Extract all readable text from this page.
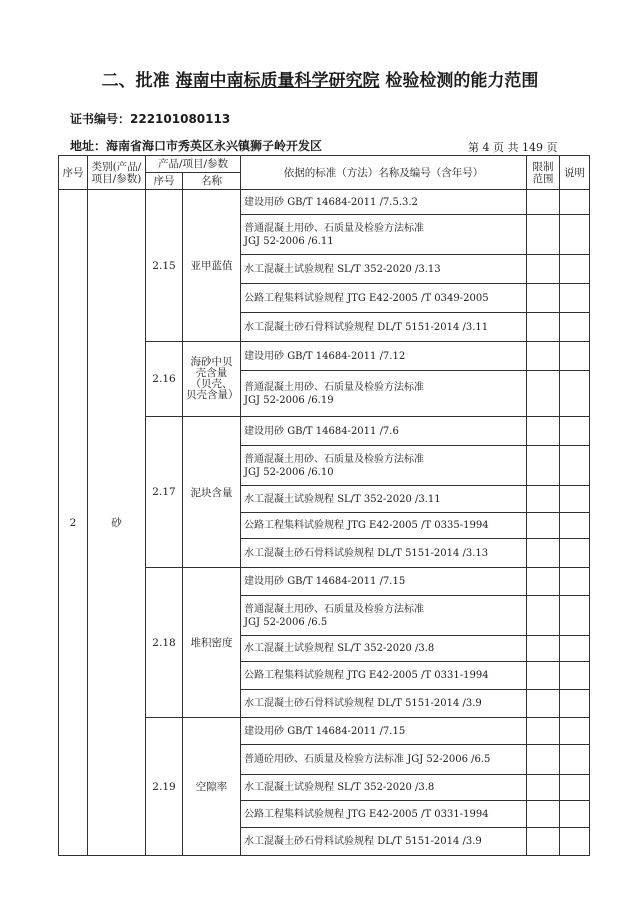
二、批准 海南中南标质量科学研究院 检验检测的能力范围
证书编号：222101080113
地址：海南省海口市秀英区永兴镇狮子岭开发区	第 4 页 共 149 页
序号	类别(产品/项目/参数)	产品/项目/参数		依据的标准（方法）名称及编号（含年号）	限制范围	说明
		序号	名称			
2	砂	2.15	亚甲蓝值	建设用砂 GB/T 14684-2011 /7.5.3.2		
				普通混凝土用砂、石质量及检验方法标准
JGJ 52-2006 /6.11		
				水工混凝土试验规程 SL/T 352-2020 /3.13		
				公路工程集料试验规程 JTG E42-2005 /T 0349-2005		
				水工混凝土砂石骨料试验规程 DL/T 5151-2014 /3.11		
		2.16	海砂中贝壳含量（贝壳、贝壳含量）	建设用砂 GB/T 14684-2011 /7.12		
				普通混凝土用砂、石质量及检验方法标准
JGJ 52-2006 /6.19		
		2.17	泥块含量	建设用砂 GB/T 14684-2011 /7.6		
				普通混凝土用砂、石质量及检验方法标准
JGJ 52-2006 /6.10		
				水工混凝土试验规程 SL/T 352-2020 /3.11		
				公路工程集料试验规程 JTG E42-2005 /T 0335-1994		
				水工混凝土砂石骨料试验规程 DL/T 5151-2014 /3.13		
		2.18	堆积密度	建设用砂 GB/T 14684-2011 /7.15		
				普通混凝土用砂、石质量及检验方法标准
JGJ 52-2006 /6.5		
				水工混凝土试验规程 SL/T 352-2020 /3.8		
				公路工程集料试验规程 JTG E42-2005 /T 0331-1994		
				水工混凝土砂石骨料试验规程 DL/T 5151-2014 /3.9		
		2.19	空隙率	建设用砂 GB/T 14684-2011 /7.15		
				普通砼用砂、石质量及检验方法标准 JGJ 52-2006 /6.5		
				水工混凝土试验规程 SL/T 352-2020 /3.8		
				公路工程集料试验规程 JTG E42-2005 /T 0331-1994		
				水工混凝土砂石骨料试验规程 DL/T 5151-2014 /3.9		
